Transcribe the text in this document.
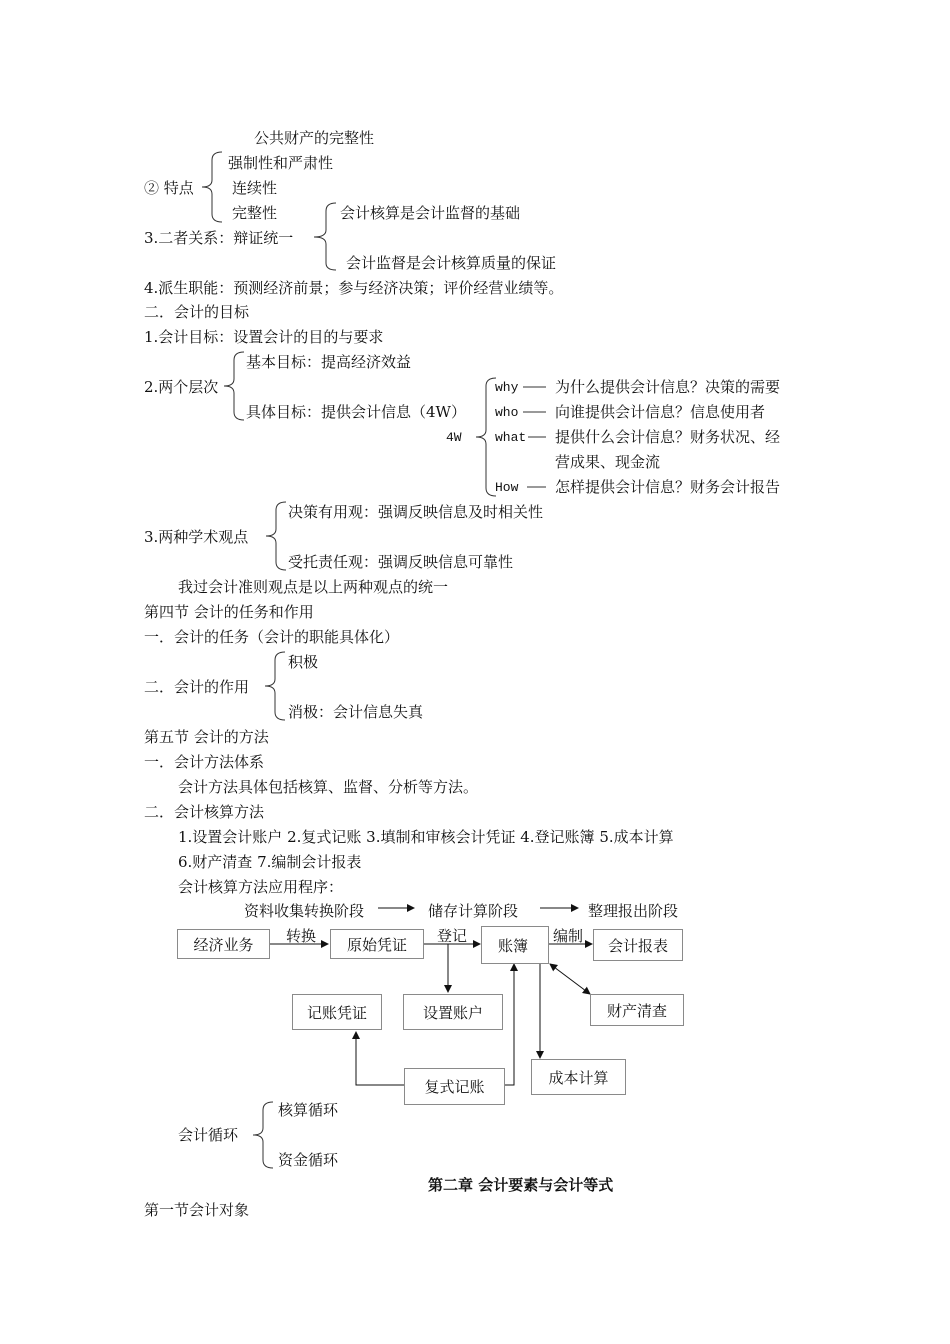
公共财产的完整性
强制性和严肃性
② 特点	连续性
完整性	会计核算是会计监督的基础
3.二者关系：辩证统一
会计监督是会计核算质量的保证
4.派生职能：预测经济前景；参与经济决策；评价经营业绩等。
二．会计的目标
1.会计目标：设置会计的目的与要求
基本目标：提高经济效益
2.两个层次
具体目标：提供会计信息（4W）
4W
why 为什么提供会计信息？决策的需要
who 向谁提供会计信息？信息使用者
what 提供什么会计信息？财务状况、经
营成果、现金流
How 怎样提供会计信息？财务会计报告
决策有用观：强调反映信息及时相关性
3.两种学术观点
受托责任观：强调反映信息可靠性
我过会计准则观点是以上两种观点的统一
第四节 会计的任务和作用
一．会计的任务（会计的职能具体化）
积极
二．会计的作用
消极：会计信息失真
第五节 会计的方法
一．会计方法体系
会计方法具体包括核算、监督、分析等方法。
二．会计核算方法
1.设置会计账户 2.复式记账 3.填制和审核会计凭证 4.登记账簿 5.成本计算
6.财产清查 7.编制会计报表
会计核算方法应用程序：
资料收集转换阶段	储存计算阶段	整理报出阶段
经济业务	转换	原始凭证	登记
账簿
编制
会计报表
记账凭证	设置账户	财产清查
成本计算
复式记账
核算循环
会计循环
资金循环
第二章 会计要素与会计等式
第一节会计对象
